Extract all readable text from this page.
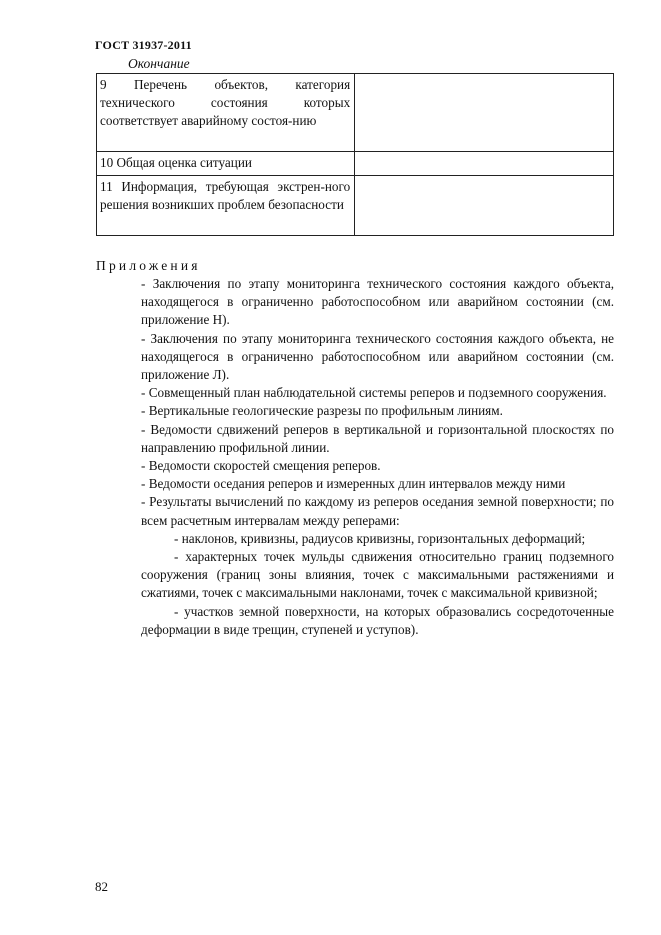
ГОСТ 31937-2011
Окончание
9 Перечень объектов, категория технического состояния которых соответствует аварийному состоя-нию	

10 Общая оценка ситуации	

11 Информация, требующая экстрен-ного решения возникших проблем безопасности	

Приложения
- Заключения по этапу мониторинга технического состояния каждого объекта, находящегося в ограниченно работоспособном или аварийном состоянии (см. приложение Н).
- Заключения по этапу мониторинга технического состояния каждого объекта, не находящегося в ограниченно работоспособном или аварийном состоянии (см. приложение Л).
- Совмещенный план наблюдательной системы реперов и подземного сооружения.
- Вертикальные геологические разрезы по профильным линиям.
- Ведомости сдвижений реперов в вертикальной и горизонтальной плоскостях по направлению профильной линии.
- Ведомости скоростей смещения реперов.
- Ведомости оседания реперов и измеренных длин интервалов между ними
- Результаты вычислений по каждому из реперов оседания земной поверхности; по всем расчетным интервалам между реперами:
- наклонов, кривизны, радиусов кривизны, горизонтальных деформаций;
- характерных точек мульды сдвижения относительно границ подземного сооружения (границ зоны влияния, точек с максимальными растяжениями и сжатиями, точек с максимальными наклонами, точек с максимальной кривизной;
- участков земной поверхности, на которых образовались сосредоточенные деформации в виде трещин, ступеней и уступов).
82
